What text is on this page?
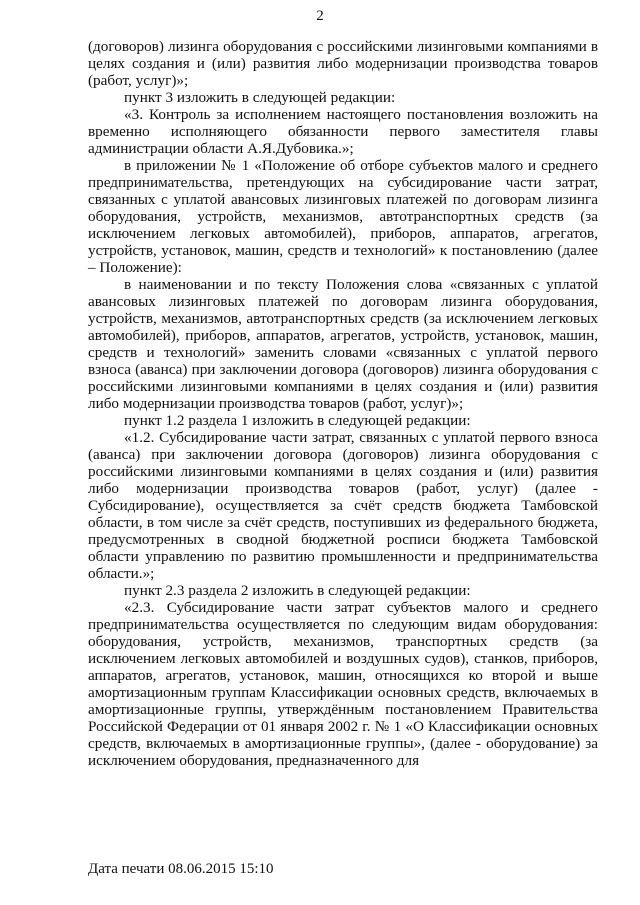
2

(договоров) лизинга оборудования с российскими лизинговыми компаниями в целях создания и (или) развития либо модернизации производства товаров (работ, услуг)»;

пункт 3 изложить в следующей редакции:

«3. Контроль за исполнением настоящего постановления возложить на временно исполняющего обязанности первого заместителя главы администрации области А.Я.Дубовика.»;

в приложении № 1 «Положение об отборе субъектов малого и среднего предпринимательства, претендующих на субсидирование части затрат, связанных с уплатой авансовых лизинговых платежей по договорам лизинга оборудования, устройств, механизмов, автотранспортных средств (за исключением легковых автомобилей), приборов, аппаратов, агрегатов, устройств, установок, машин, средств и технологий» к постановлению (далее – Положение):

в наименовании и по тексту Положения слова «связанных с уплатой авансовых лизинговых платежей по договорам лизинга оборудования, устройств, механизмов, автотранспортных средств (за исключением легковых автомобилей), приборов, аппаратов, агрегатов, устройств, установок, машин, средств и технологий» заменить словами «связанных с уплатой первого взноса (аванса) при заключении договора (договоров) лизинга оборудования с российскими лизинговыми компаниями в целях создания и (или) развития либо модернизации производства товаров (работ, услуг)»;

пункт 1.2 раздела 1 изложить в следующей редакции:

«1.2. Субсидирование части затрат, связанных с уплатой первого взноса (аванса) при заключении договора (договоров) лизинга оборудования с российскими лизинговыми компаниями в целях создания и (или) развития либо модернизации производства товаров (работ, услуг) (далее - Субсидирование), осуществляется за счёт средств бюджета Тамбовской области, в том числе за счёт средств, поступивших из федерального бюджета, предусмотренных в сводной бюджетной росписи бюджета Тамбовской области управлению по развитию промышленности и предпринимательства области.»;

пункт 2.3 раздела 2 изложить в следующей редакции:

«2.3. Субсидирование части затрат субъектов малого и среднего предпринимательства осуществляется по следующим видам оборудования: оборудования, устройств, механизмов, транспортных средств (за исключением легковых автомобилей и воздушных судов), станков, приборов, аппаратов, агрегатов, установок, машин, относящихся ко второй и выше амортизационным группам Классификации основных средств, включаемых в амортизационные группы, утверждённым постановлением Правительства Российской Федерации от 01 января 2002 г. № 1 «О Классификации основных средств, включаемых в амортизационные группы», (далее - оборудование) за исключением оборудования, предназначенного для

Дата печати 08.06.2015 15:10
